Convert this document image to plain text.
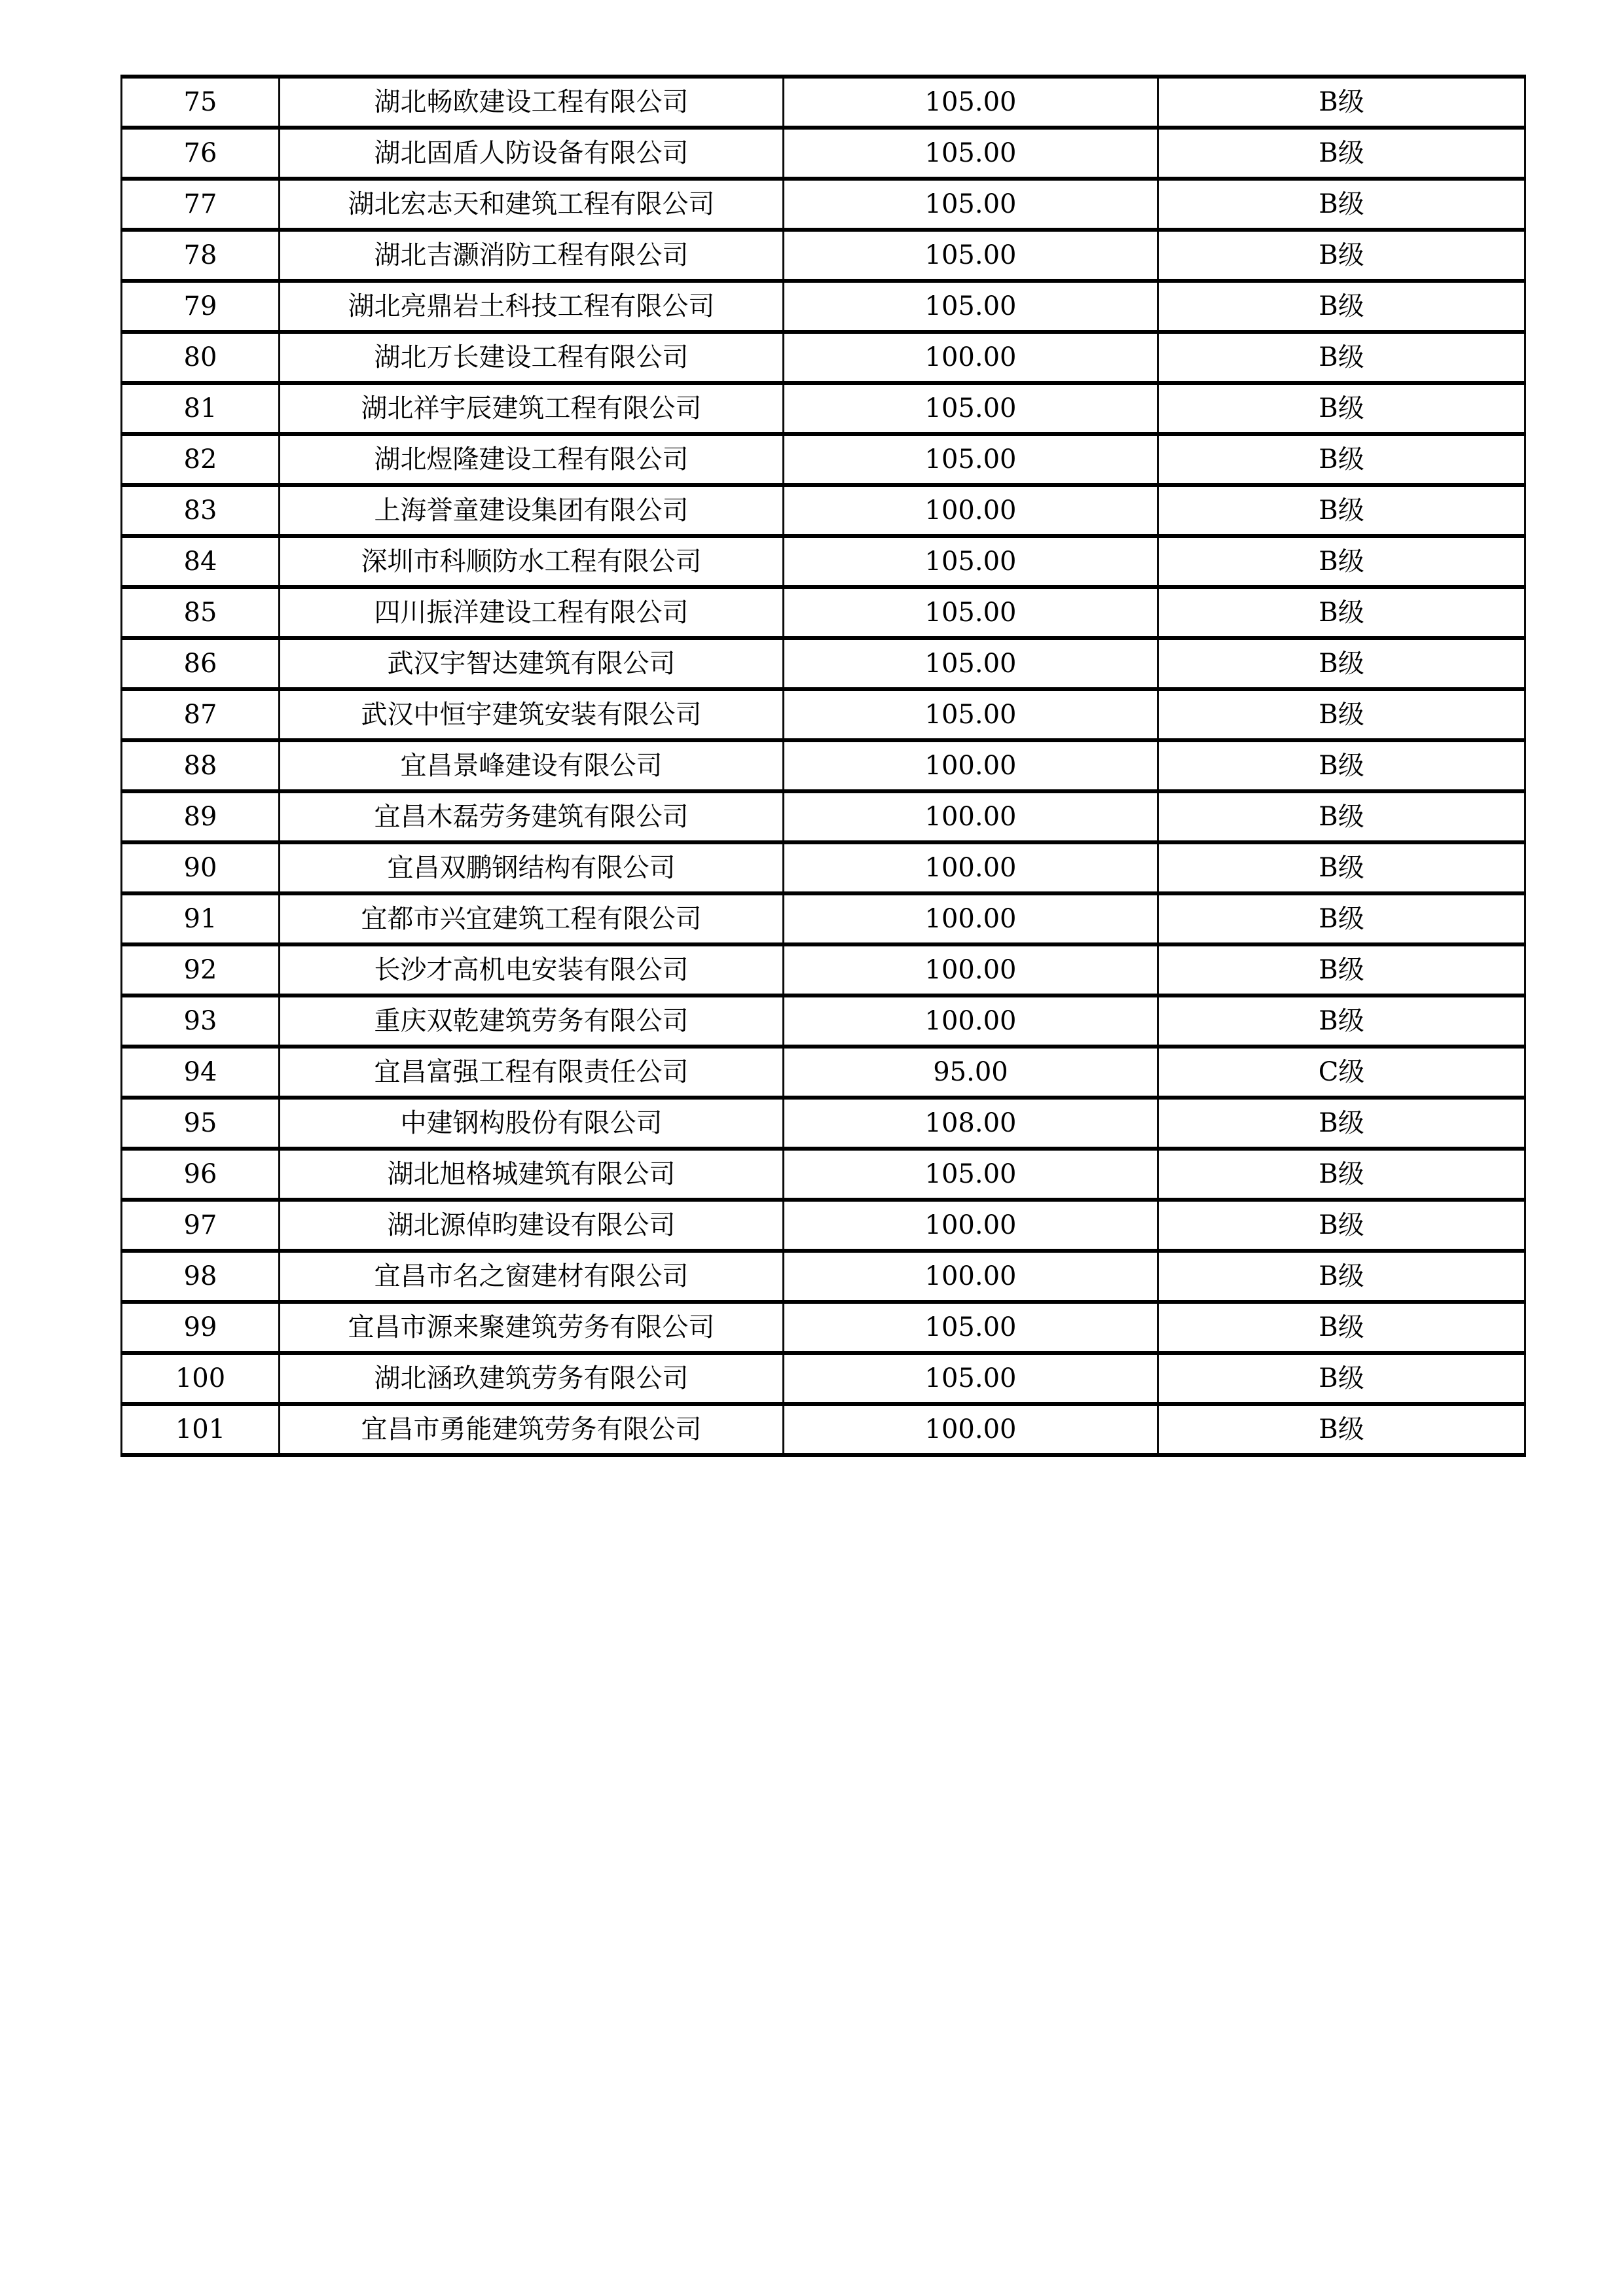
75	湖北畅欧建设工程有限公司	105.00	B级
76	湖北固盾人防设备有限公司	105.00	B级
77	湖北宏志天和建筑工程有限公司	105.00	B级
78	湖北吉灏消防工程有限公司	105.00	B级
79	湖北亮鼎岩土科技工程有限公司	105.00	B级
80	湖北万长建设工程有限公司	100.00	B级
81	湖北祥宇辰建筑工程有限公司	105.00	B级
82	湖北煜隆建设工程有限公司	105.00	B级
83	上海誉童建设集团有限公司	100.00	B级
84	深圳市科顺防水工程有限公司	105.00	B级
85	四川振洋建设工程有限公司	105.00	B级
86	武汉宇智达建筑有限公司	105.00	B级
87	武汉中恒宇建筑安装有限公司	105.00	B级
88	宜昌景峰建设有限公司	100.00	B级
89	宜昌木磊劳务建筑有限公司	100.00	B级
90	宜昌双鹏钢结构有限公司	100.00	B级
91	宜都市兴宜建筑工程有限公司	100.00	B级
92	长沙才高机电安装有限公司	100.00	B级
93	重庆双乾建筑劳务有限公司	100.00	B级
94	宜昌富强工程有限责任公司	95.00	C级
95	中建钢构股份有限公司	108.00	B级
96	湖北旭格城建筑有限公司	105.00	B级
97	湖北源倬昀建设有限公司	100.00	B级
98	宜昌市名之窗建材有限公司	100.00	B级
99	宜昌市源来聚建筑劳务有限公司	105.00	B级
100	湖北涵玖建筑劳务有限公司	105.00	B级
101	宜昌市勇能建筑劳务有限公司	100.00	B级
